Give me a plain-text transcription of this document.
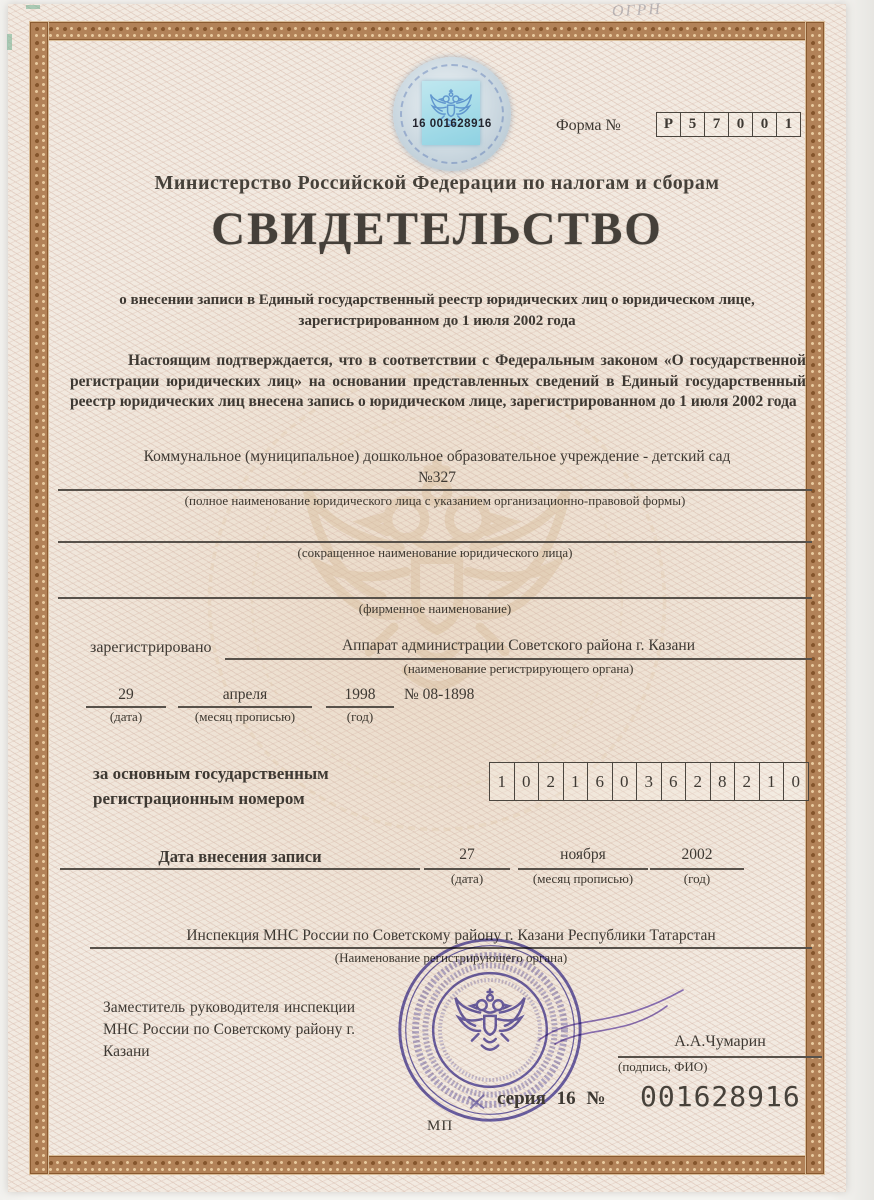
ОГРН
16 001628916	Форма №	Р	5	7	0	0	1
Министерство Российской Федерации по налогам и сборам
СВИДЕТЕЛЬСТВО
о внесении записи в Единый государственный реестр юридических лиц о юридическом лице, зарегистрированном до 1 июля 2002 года
Настоящим подтверждается, что в соответствии с Федеральным законом «О государственной регистрации юридических лиц» на основании представленных сведений в Единый государственный реестр юридических лиц внесена запись о юридическом лице, зарегистрированном до 1 июля 2002 года
Коммунальное (муниципальное) дошкольное образовательное учреждение - детский сад №327
(полное наименование юридического лица с указанием организационно-правовой формы)
(сокращенное наименование юридического лица)
(фирменное наименование)
зарегистрировано	Аппарат администрации Советского района г. Казани
(наименование регистрирующего органа)
29
(дата)
апреля
(месяц прописью)
1998
(год)
№ 08-1898
за основным государственным регистрационным номером
1 0 2 1 6 0 3 6 2 8 2 1 0
Дата внесения записи	27
(дата)
ноября
(месяц прописью)
2002
(год)
Инспекция МНС России по Советскому району г. Казани Республики Татарстан
(Наименование регистрирующего органа)
Заместитель руководителя инспекции МНС России по Советскому району г. Казани
А.А.Чумарин
(подпись, ФИО)
серия 16 № 001628916
МП
